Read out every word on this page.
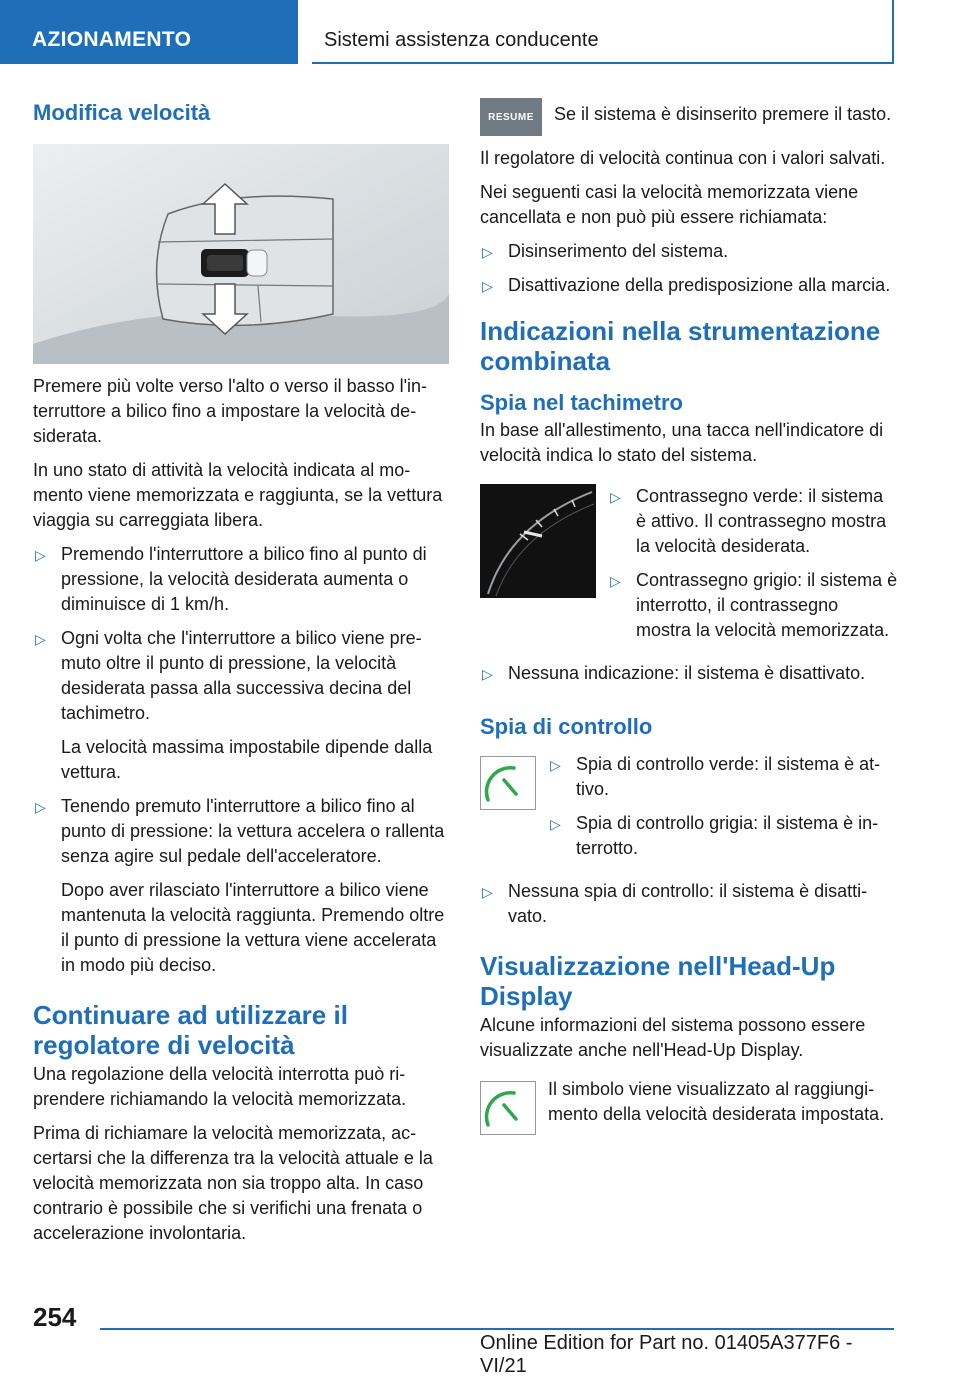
AZIONAMENTO	Sistemi assistenza conducente
Modifica velocità

Premere più volte verso l'alto o verso il basso l'interruttore a bilico fino a impostare la velocità desiderata.

In uno stato di attività la velocità indicata al momento viene memorizzata e raggiunta, se la vettura viaggia su carreggiata libera.

▷ Premendo l'interruttore a bilico fino al punto di pressione, la velocità desiderata aumenta o diminuisce di 1 km/h.
▷ Ogni volta che l'interruttore a bilico viene premuto oltre il punto di pressione, la velocità desiderata passa alla successiva decina del tachimetro.
La velocità massima impostabile dipende dalla vettura.
▷ Tenendo premuto l'interruttore a bilico fino al punto di pressione: la vettura accelera o rallenta senza agire sul pedale dell'acceleratore.
Dopo aver rilasciato l'interruttore a bilico viene mantenuta la velocità raggiunta. Premendo oltre il punto di pressione la vettura viene accelerata in modo più deciso.
Continuare ad utilizzare il regolatore di velocità

Una regolazione della velocità interrotta può riprendere richiamando la velocità memorizzata.

Prima di richiamare la velocità memorizzata, accertarsi che la differenza tra la velocità attuale e la velocità memorizzata non sia troppo alta. In caso contrario è possibile che si verifichi una frenata o accelerazione involontaria.

RESUME Se il sistema è disinserito premere il tasto.

Il regolatore di velocità continua con i valori salvati.

Nei seguenti casi la velocità memorizzata viene cancellata e non può più essere richiamata:

▷ Disinserimento del sistema.
▷ Disattivazione della predisposizione alla marcia.
Indicazioni nella strumentazione combinata
Spia nel tachimetro

In base all'allestimento, una tacca nell'indicatore di velocità indica lo stato del sistema.

▷ Contrassegno verde: il sistema è attivo. Il contrassegno mostra la velocità desiderata.
▷ Contrassegno grigio: il sistema è interrotto, il contrassegno mostra la velocità memorizzata.
▷ Nessuna indicazione: il sistema è disattivato.
Spia di controllo
▷ Spia di controllo verde: il sistema è attivo.
▷ Spia di controllo grigia: il sistema è interrotto.
▷ Nessuna spia di controllo: il sistema è disattivato.
Visualizzazione nell'Head-Up Display

Alcune informazioni del sistema possono essere visualizzate anche nell'Head-Up Display.

Il simbolo viene visualizzato al raggiungimento della velocità desiderata impostata.
254
Online Edition for Part no. 01405A377F6 - VI/21
